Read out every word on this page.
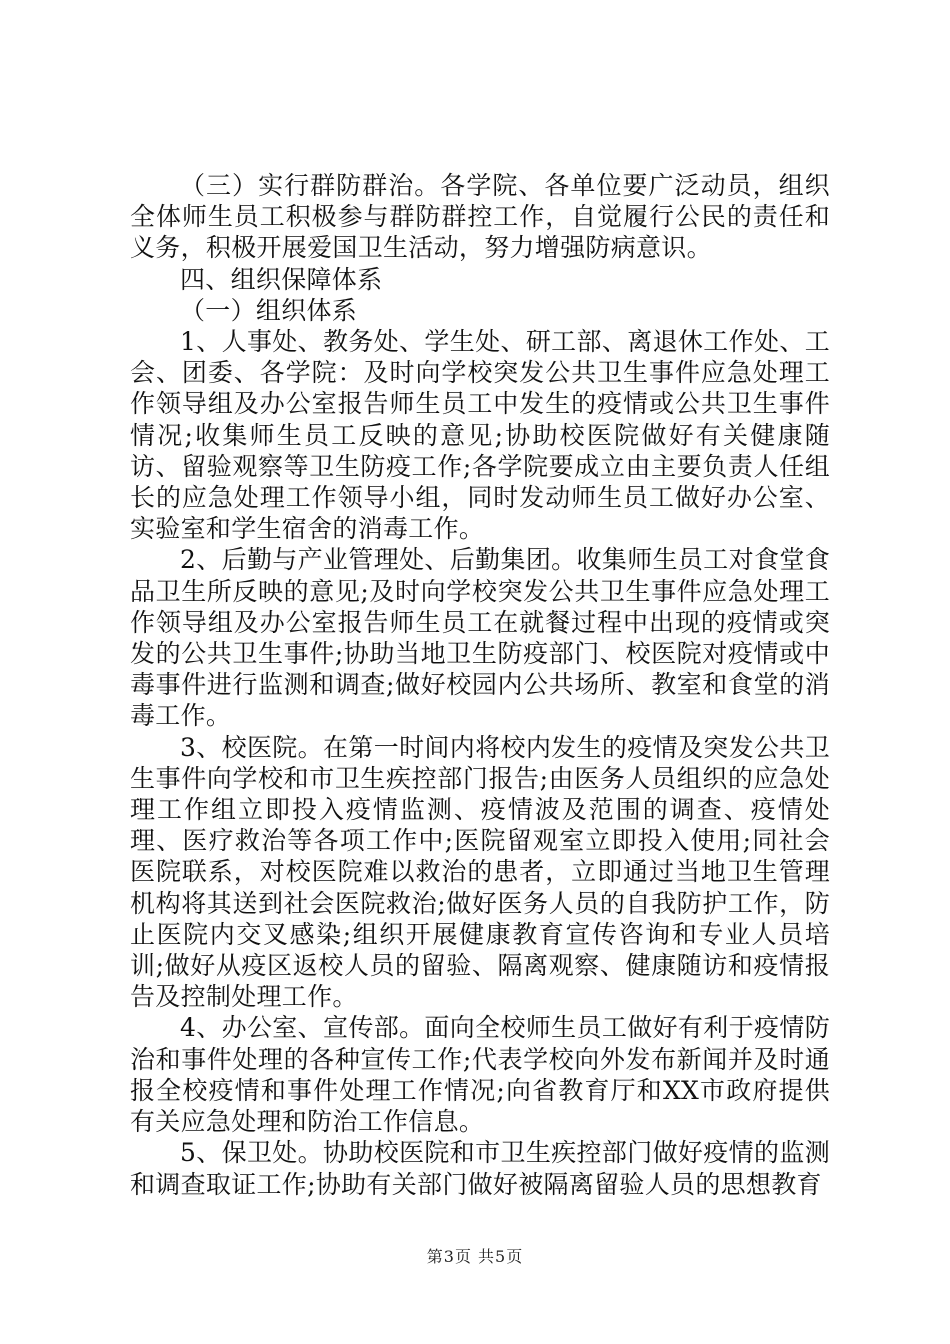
（三）实行群防群治。各学院、各单位要广泛动员，组织全体师生员工积极参与群防群控工作，自觉履行公民的责任和义务，积极开展爱国卫生活动，努力增强防病意识。

四、组织保障体系

（一）组织体系

1、人事处、教务处、学生处、研工部、离退休工作处、工会、团委、各学院：及时向学校突发公共卫生事件应急处理工作领导组及办公室报告师生员工中发生的疫情或公共卫生事件情况;收集师生员工反映的意见;协助校医院做好有关健康随访、留验观察等卫生防疫工作;各学院要成立由主要负责人任组长的应急处理工作领导小组，同时发动师生员工做好办公室、实验室和学生宿舍的消毒工作。

2、后勤与产业管理处、后勤集团。收集师生员工对食堂食品卫生所反映的意见;及时向学校突发公共卫生事件应急处理工作领导组及办公室报告师生员工在就餐过程中出现的疫情或突发的公共卫生事件;协助当地卫生防疫部门、校医院对疫情或中毒事件进行监测和调查;做好校园内公共场所、教室和食堂的消毒工作。

3、校医院。在第一时间内将校内发生的疫情及突发公共卫生事件向学校和市卫生疾控部门报告;由医务人员组织的应急处理工作组立即投入疫情监测、疫情波及范围的调查、疫情处理、医疗救治等各项工作中;医院留观室立即投入使用;同社会医院联系，对校医院难以救治的患者，立即通过当地卫生管理机构将其送到社会医院救治;做好医务人员的自我防护工作，防止医院内交叉感染;组织开展健康教育宣传咨询和专业人员培训;做好从疫区返校人员的留验、隔离观察、健康随访和疫情报告及控制处理工作。

4、办公室、宣传部。面向全校师生员工做好有利于疫情防治和事件处理的各种宣传工作;代表学校向外发布新闻并及时通报全校疫情和事件处理工作情况;向省教育厅和XX市政府提供有关应急处理和防治工作信息。

5、保卫处。协助校医院和市卫生疾控部门做好疫情的监测和调查取证工作;协助有关部门做好被隔离留验人员的思想教育

第3页 共5页
